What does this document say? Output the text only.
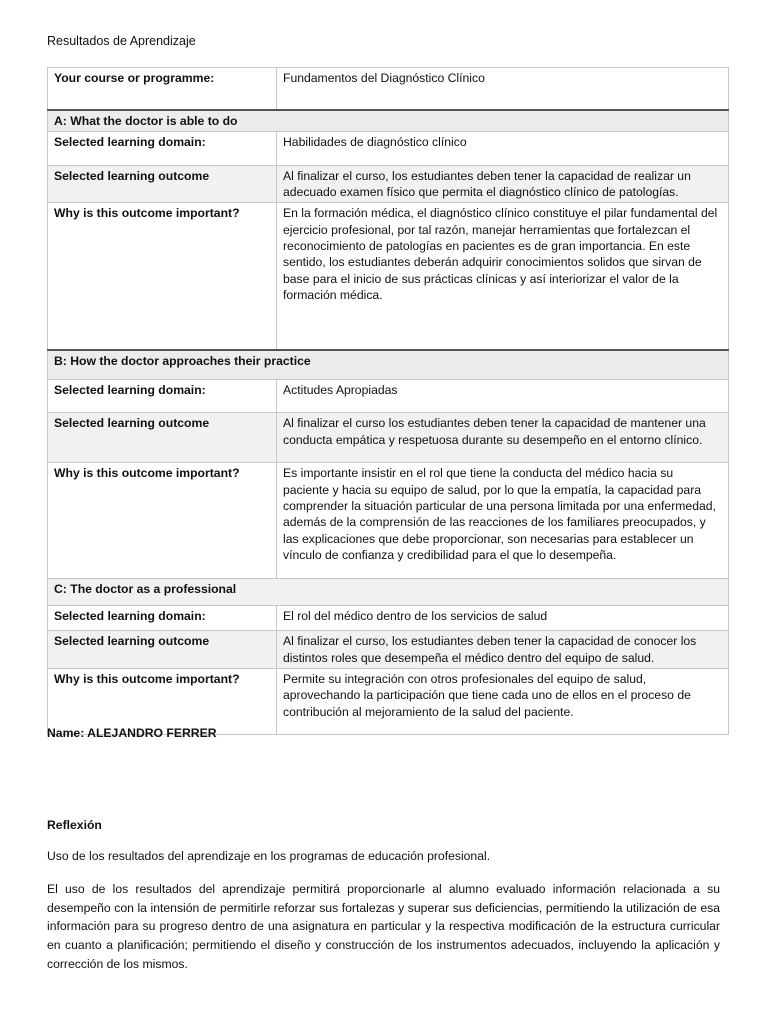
Resultados de Aprendizaje
Your course or programme:	Fundamentos del Diagnóstico Clínico
A: What the doctor is able to do	
Selected learning domain:	Habilidades de diagnóstico clínico
Selected learning outcome	Al finalizar el curso, los estudiantes deben tener la capacidad de realizar un adecuado examen físico que permita el diagnóstico clínico de patologías.
Why is this outcome important?	En la formación médica, el diagnóstico clínico constituye el pilar fundamental del ejercicio profesional, por tal razón, manejar herramientas que fortalezcan el reconocimiento de patologías en pacientes es de gran importancia. En este sentido, los estudiantes deberán adquirir conocimientos solidos que sirvan de base para el inicio de sus prácticas clínicas y así interiorizar el valor de la formación médica.
B: How the doctor approaches their practice	
Selected learning domain:	Actitudes Apropiadas
Selected learning outcome	Al finalizar el curso los estudiantes deben tener la capacidad de mantener una conducta empática y respetuosa durante su desempeño en el entorno clínico.
Why is this outcome important?	Es importante insistir en el rol que tiene la conducta del médico hacia su paciente y hacia su equipo de salud, por lo que la empatía, la capacidad para comprender la situación particular de una persona limitada por una enfermedad, además de la comprensión de las reacciones de los familiares preocupados, y las explicaciones que debe proporcionar, son necesarias para establecer un vínculo de confianza y credibilidad para el que lo desempeña.
C: The doctor as a professional	
Selected learning domain:	El rol del médico dentro de los servicios de salud
Selected learning outcome	Al finalizar el curso, los estudiantes deben tener la capacidad de conocer los distintos roles que desempeña el médico dentro del equipo de salud.
Why is this outcome important?	Permite su integración con otros profesionales del equipo de salud, aprovechando la participación que tiene cada uno de ellos en el proceso de contribución al mejoramiento de la salud del paciente.
Name: ALEJANDRO FERRER
Reflexión
Uso de los resultados del aprendizaje en los programas de educación profesional.

El uso de los resultados del aprendizaje permitirá proporcionarle al alumno evaluado información relacionada a su desempeño con la intensión de permitirle reforzar sus fortalezas y superar sus deficiencias, permitiendo la utilización de esa información para su progreso dentro de una asignatura en particular y la respectiva modificación de la estructura curricular en cuanto a planificación; permitiendo el diseño y construcción de los instrumentos adecuados, incluyendo la aplicación y corrección de los mismos.
